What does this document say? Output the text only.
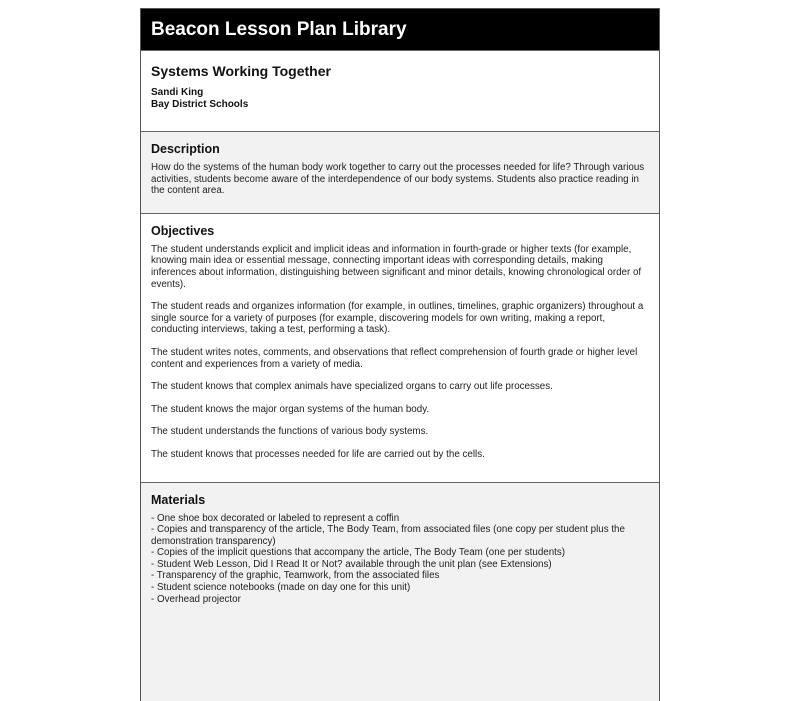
Beacon Lesson Plan Library
Systems Working Together
Sandi King
Bay District Schools
Description

How do the systems of the human body work together to carry out the processes needed for life? Through various activities, students become aware of the interdependence of our body systems. Students also practice reading in the content area.

Objectives

The student understands explicit and implicit ideas and information in fourth-grade or higher texts (for example, knowing main idea or essential message, connecting important ideas with corresponding details, making inferences about information, distinguishing between significant and minor details, knowing chronological order of events).

The student reads and organizes information (for example, in outlines, timelines, graphic organizers) throughout a single source for a variety of purposes (for example, discovering models for own writing, making a report, conducting interviews, taking a test, performing a task).

The student writes notes, comments, and observations that reflect comprehension of fourth grade or higher level content and experiences from a variety of media.

The student knows that complex animals have specialized organs to carry out life processes.

The student knows the major organ systems of the human body.

The student understands the functions of various body systems.

The student knows that processes needed for life are carried out by the cells.

Materials
- One shoe box decorated or labeled to represent a coffin
- Copies and transparency of the article, The Body Team, from associated files (one copy per student plus the demonstration transparency)
- Copies of the implicit questions that accompany the article, The Body Team (one per students)
- Student Web Lesson, Did I Read It or Not? available through the unit plan (see Extensions)
- Transparency of the graphic, Teamwork, from the associated files
- Student science notebooks (made on day one for this unit)
- Overhead projector
